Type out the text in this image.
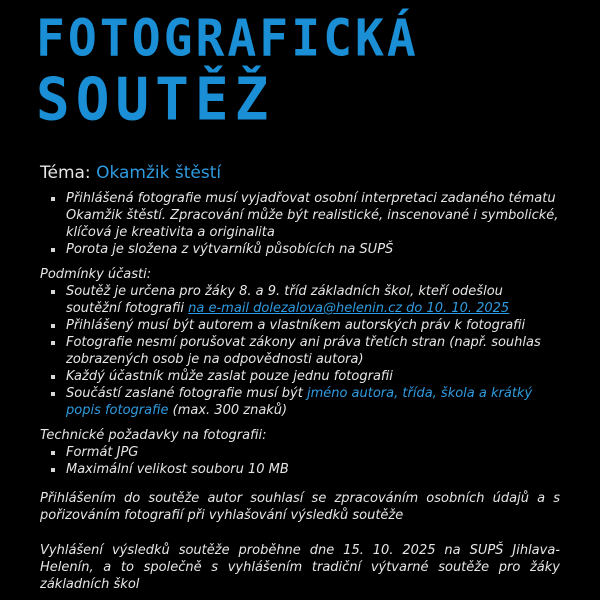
FOTOGRAFICKÁ
SOUTĚŽ
Téma: Okamžik štěstí
Přihlášená fotografie musí vyjadřovat osobní interpretaci zadaného tématu Okamžik štěstí. Zpracování může být realistické, inscenované i symbolické, klíčová je kreativita a originalita
Porota je složena z výtvarníků působících na SUPŠ
Podmínky účasti:
Soutěž je určena pro žáky 8. a 9. tříd základních škol, kteří odešlou soutěžní fotografii na e-mail dolezalova@helenin.cz do 10. 10. 2025
Přihlášený musí být autorem a vlastníkem autorských práv k fotografii
Fotografie nesmí porušovat zákony ani práva třetích stran (např. souhlas zobrazených osob je na odpovědnosti autora)
Každý účastník může zaslat pouze jednu fotografii
Součástí zaslané fotografie musí být jméno autora, třída, škola a krátký popis fotografie (max. 300 znaků)
Technické požadavky na fotografii:
Formát JPG
Maximální velikost souboru 10 MB
Přihlášením do soutěže autor souhlasí se zpracováním osobních údajů a s pořizováním fotografií při vyhlašování výsledků soutěže
Vyhlášení výsledků soutěže proběhne dne 15. 10. 2025 na SUPŠ Jihlava-Helenín, a to společně s vyhlášením tradiční výtvarné soutěže pro žáky základních škol
